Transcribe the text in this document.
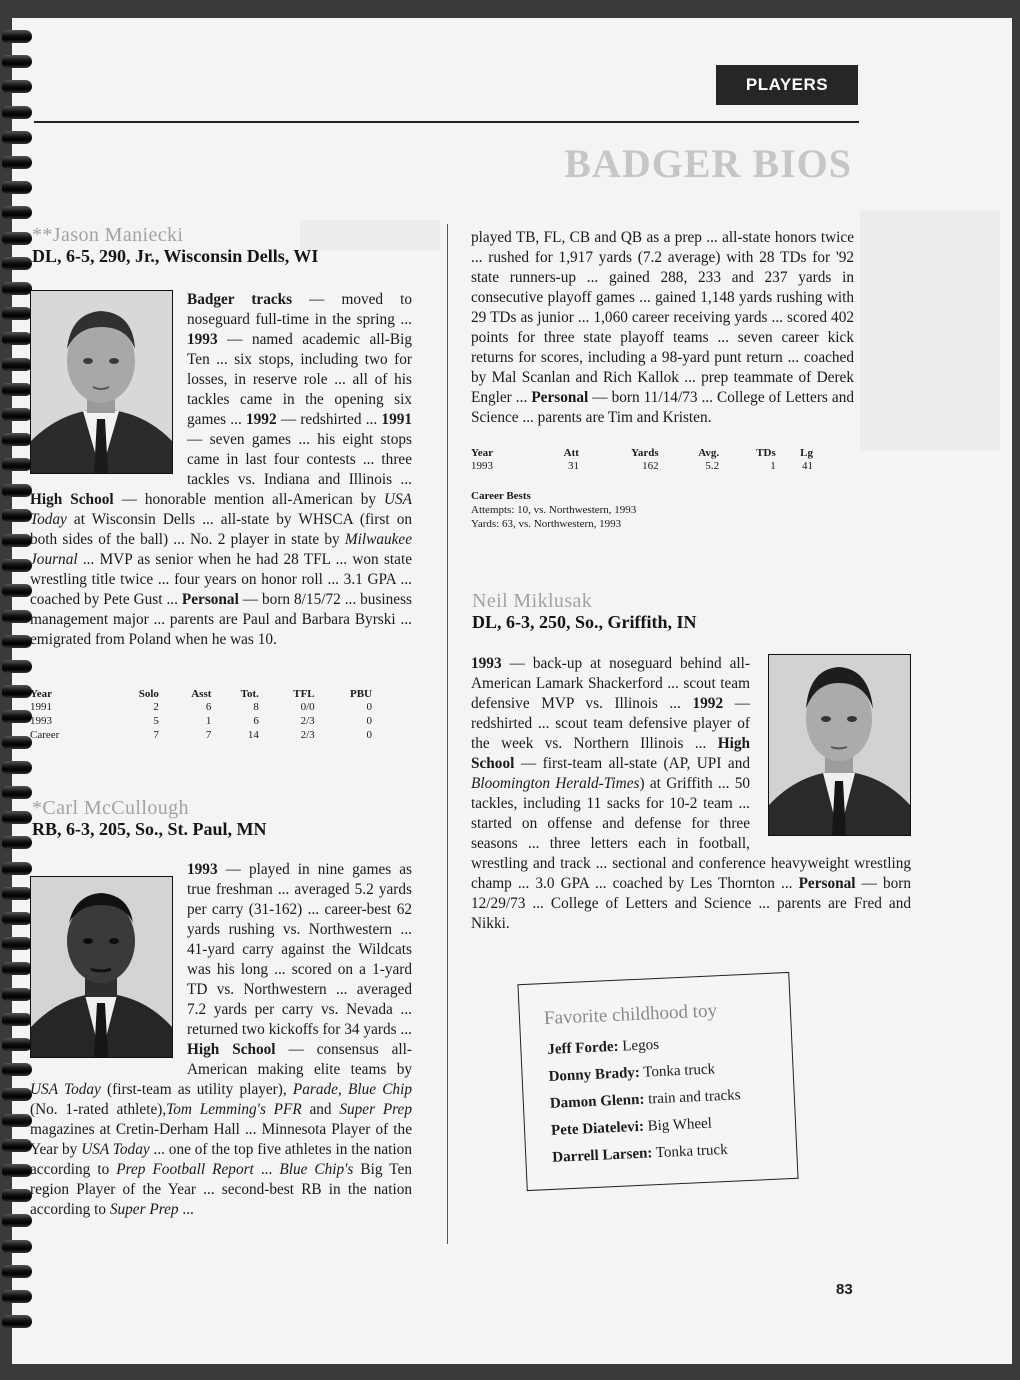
PLAYERS
BADGER BIOS
**Jason Maniecki
DL, 6-5, 290, Jr., Wisconsin Dells, WI
Badger tracks — moved to noseguard full-time in the spring ... 1993 — named academic all-Big Ten ... six stops, including two for losses, in reserve role ... all of his tackles came in the opening six games ... 1992 — redshirted ... 1991 — seven games ... his eight stops came in last four contests ... three tackles vs. Indiana and Illinois ... High School — honorable mention all-American by USA Today at Wisconsin Dells ... all-state by WHSCA (first on both sides of the ball) ... No. 2 player in state by Milwaukee Journal ... MVP as senior when he had 28 TFL ... won state wrestling title twice ... four years on honor roll ... 3.1 GPA ... coached by Pete Gust ... Personal — born 8/15/72 ... business management major ... parents are Paul and Barbara Byrski ... emigrated from Poland when he was 10.
Year	Solo	Asst	Tot.	TFL	PBU
1991	2	6	8	0/0	0
1993	5	1	6	2/3	0
Career	7	7	14	2/3	0
*Carl McCullough
RB, 6-3, 205, So., St. Paul, MN
1993 –– played in nine games as true freshman ... averaged 5.2 yards per carry (31-162) ... career-best 62 yards rushing vs. Northwestern ... 41-yard carry against the Wildcats was his long ... scored on a 1-yard TD vs. Northwestern ... averaged 7.2 yards per carry vs. Nevada ... returned two kickoffs for 34 yards ... High School — consensus all-American making elite teams by USA Today (first-team as utility player), Parade, Blue Chip (No. 1-rated athlete),Tom Lemming's PFR and Super Prep magazines at Cretin-Derham Hall ... Minnesota Player of the Year by USA Today ... one of the top five athletes in the nation according to Prep Football Report ... Blue Chip's Big Ten region Player of the Year ... second-best RB in the nation according to Super Prep ...
played TB, FL, CB and QB as a prep ... all-state honors twice ... rushed for 1,917 yards (7.2 average) with 28 TDs for '92 state runners-up ... gained 288, 233 and 237 yards in consecutive playoff games ... gained 1,148 yards rushing with 29 TDs as junior ... 1,060 career receiving yards ... scored 402 points for three state playoff teams ... seven career kick returns for scores, including a 98-yard punt return ... coached by Mal Scanlan and Rich Kallok ... prep teammate of Derek Engler ... Personal — born 11/14/73 ... College of Letters and Science ... parents are Tim and Kristen.
Year	Att	Yards	Avg.	TDs	Lg
1993	31	162	5.2	1	41
Career Bests
Attempts: 10, vs. Northwestern, 1993
Yards: 63, vs. Northwestern, 1993
Neil Miklusak
DL, 6-3, 250, So., Griffith, IN
1993 — back-up at noseguard behind all-American Lamark Shackerford ... scout team defensive MVP vs. Illinois ... 1992 — redshirted ... scout team defensive player of the week vs. Northern Illinois ... High School — first-team all-state (AP, UPI and Bloomington Herald-Times) at Griffith ... 50 tackles, including 11 sacks for 10-2 team ... started on offense and defense for three seasons ... three letters each in football, wrestling and track ... sectional and conference heavyweight wrestling champ ... 3.0 GPA ... coached by Les Thornton ... Personal — born 12/29/73 ... College of Letters and Science ... parents are Fred and Nikki.
Favorite childhood toy
Jeff Forde: Legos
Donny Brady: Tonka truck
Damon Glenn: train and tracks
Pete Diatelevi: Big Wheel
Darrell Larsen: Tonka truck
83
